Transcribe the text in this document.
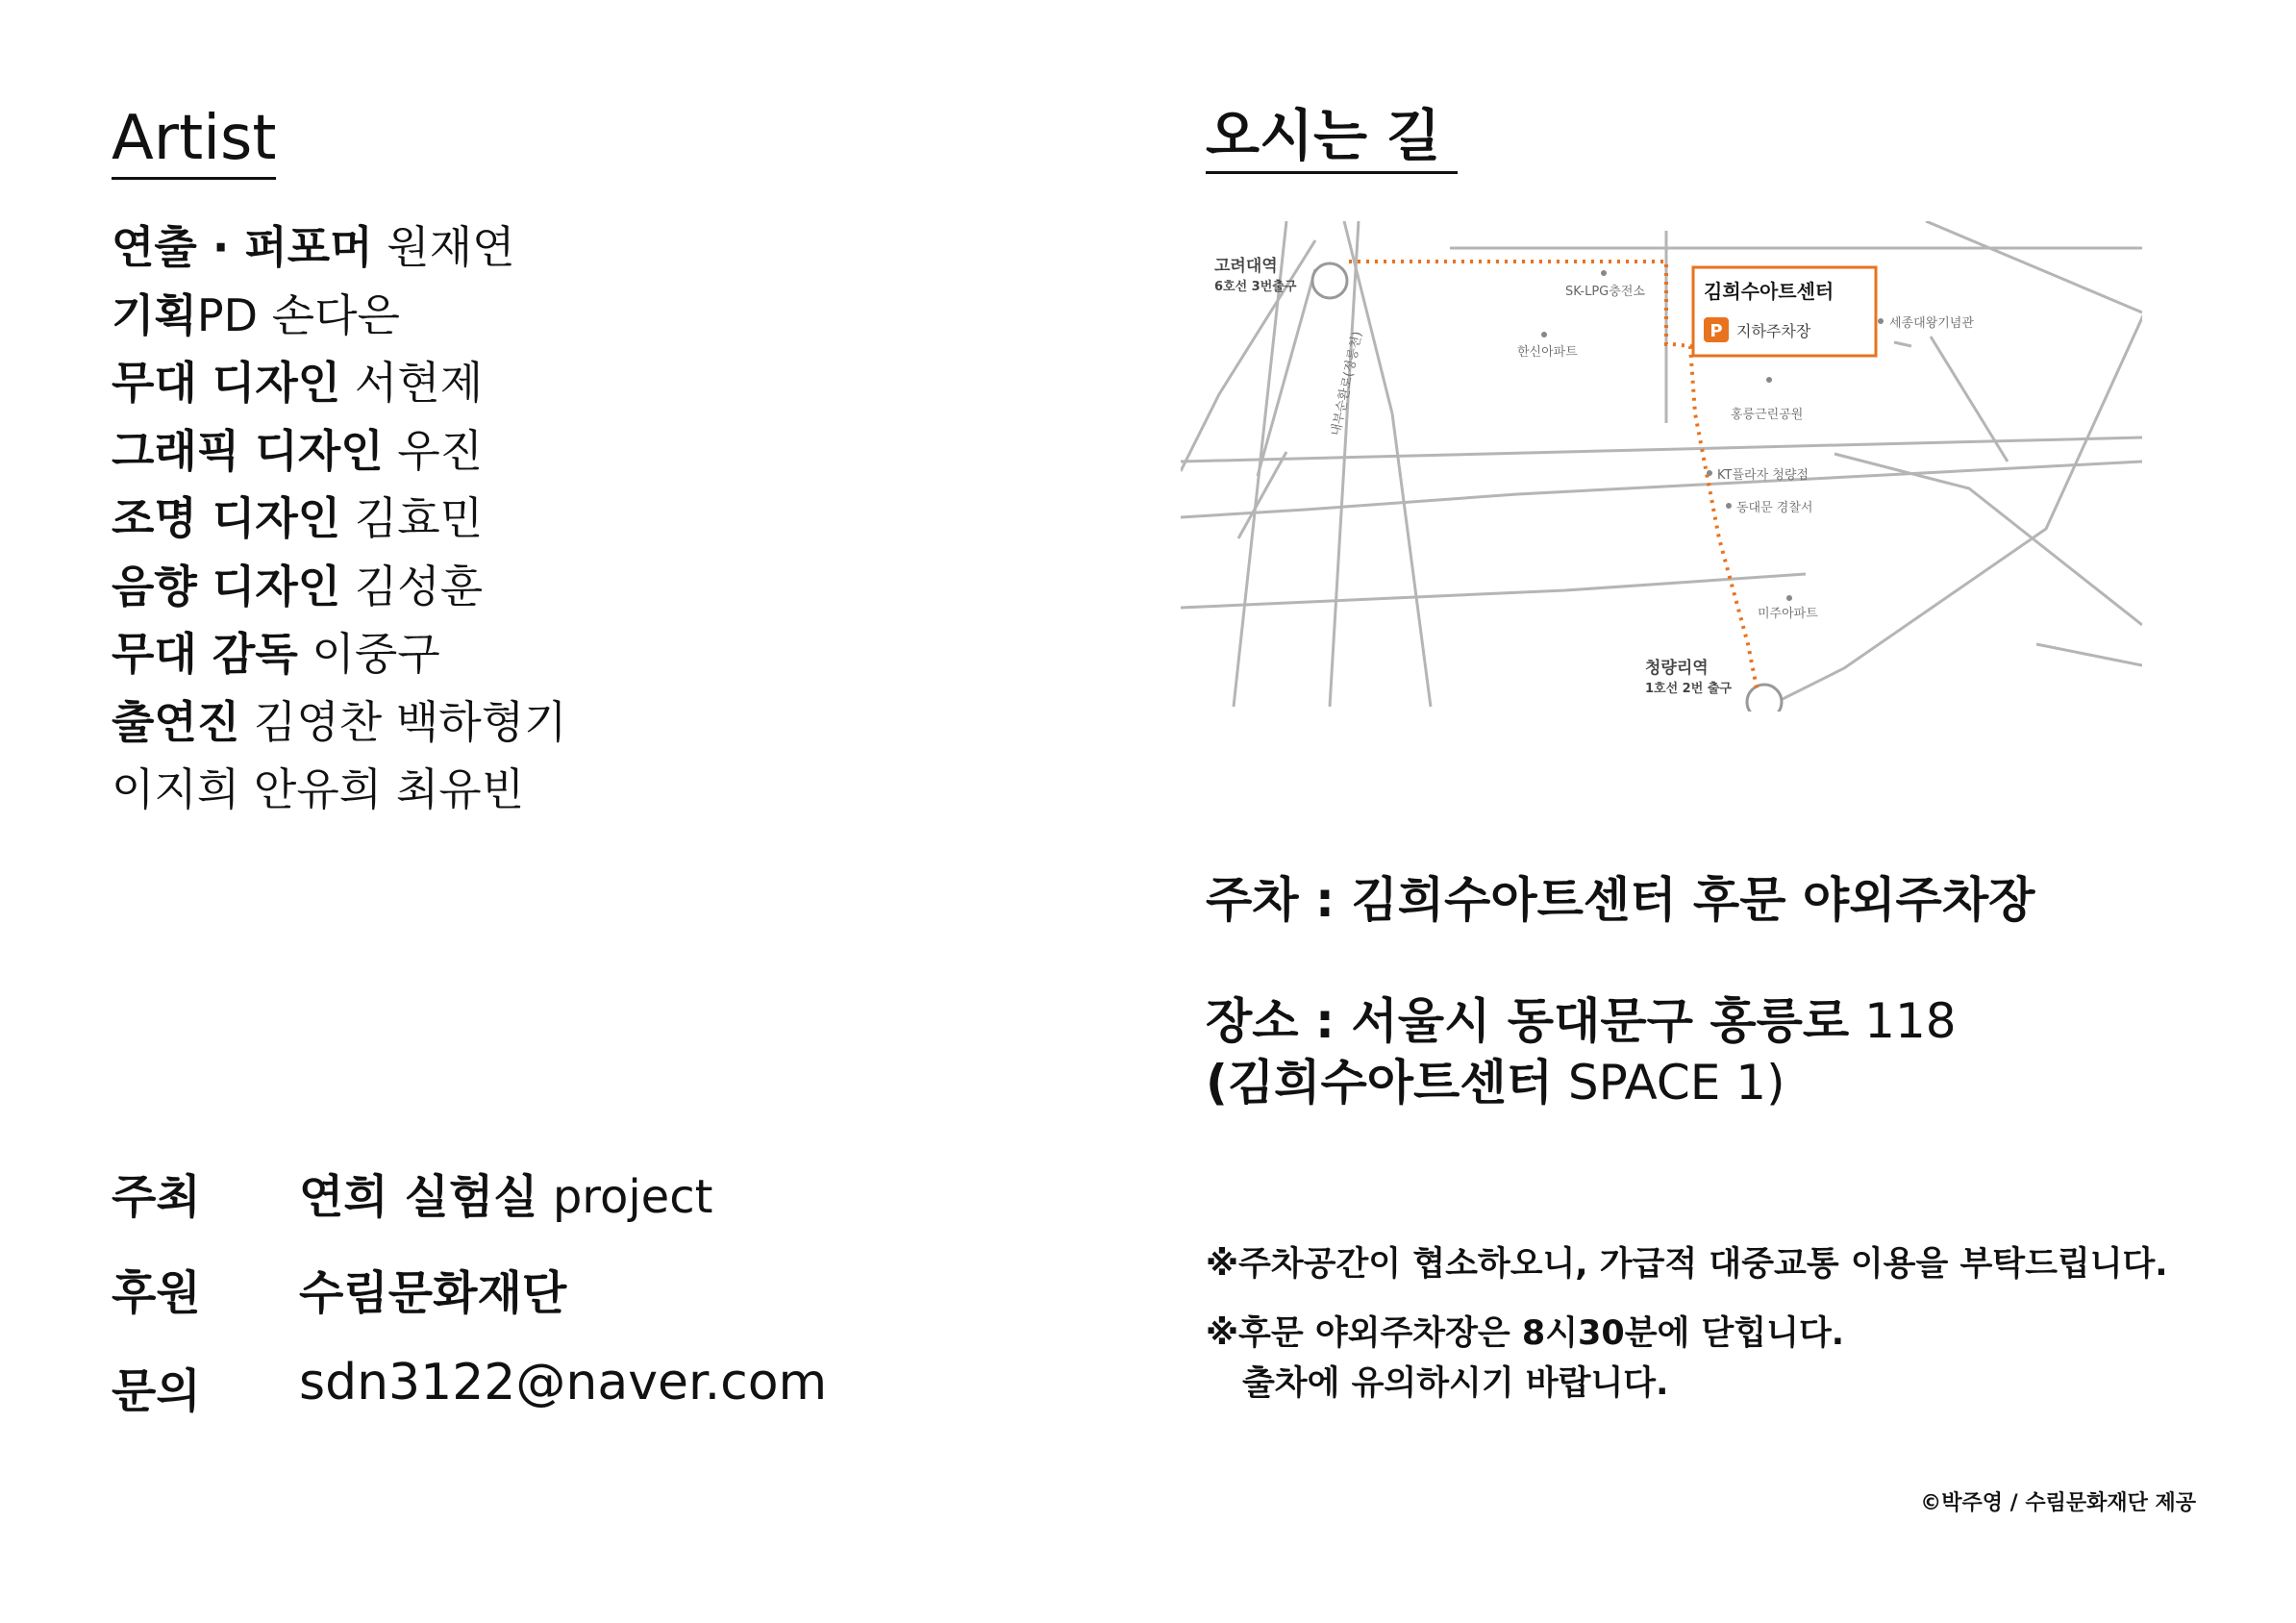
Artist
연출 · 퍼포머 원재연
기획PD 손다은
무대 디자인 서현제
그래픽 디자인 우진
조명 디자인 김효민
음향 디자인 김성훈
무대 감독 이중구
출연진 김영찬 백하형기
이지희 안유희 최유빈
주최 연희 실험실 project
후원 수림문화재단
문의 sdn3122@naver.com
오시는 길
고려대역
6호선 3번출구
청량리역
1호선 2번 출구
내부순환로(정릉천)
김희수아트센터
P 지하주차장
SK-LPG충전소
한신아파트
세종대왕기념관
홍릉근린공원
KT플라자 청량점
동대문 경찰서
미주아파트
주차 : 김희수아트센터 후문 야외주차장
장소 : 서울시 동대문구 홍릉로 118
(김희수아트센터 SPACE 1)
※주차공간이 협소하오니, 가급적 대중교통 이용을 부탁드립니다.
※후문 야외주차장은 8시30분에 닫힙니다.
출차에 유의하시기 바랍니다.
©박주영 / 수림문화재단 제공
